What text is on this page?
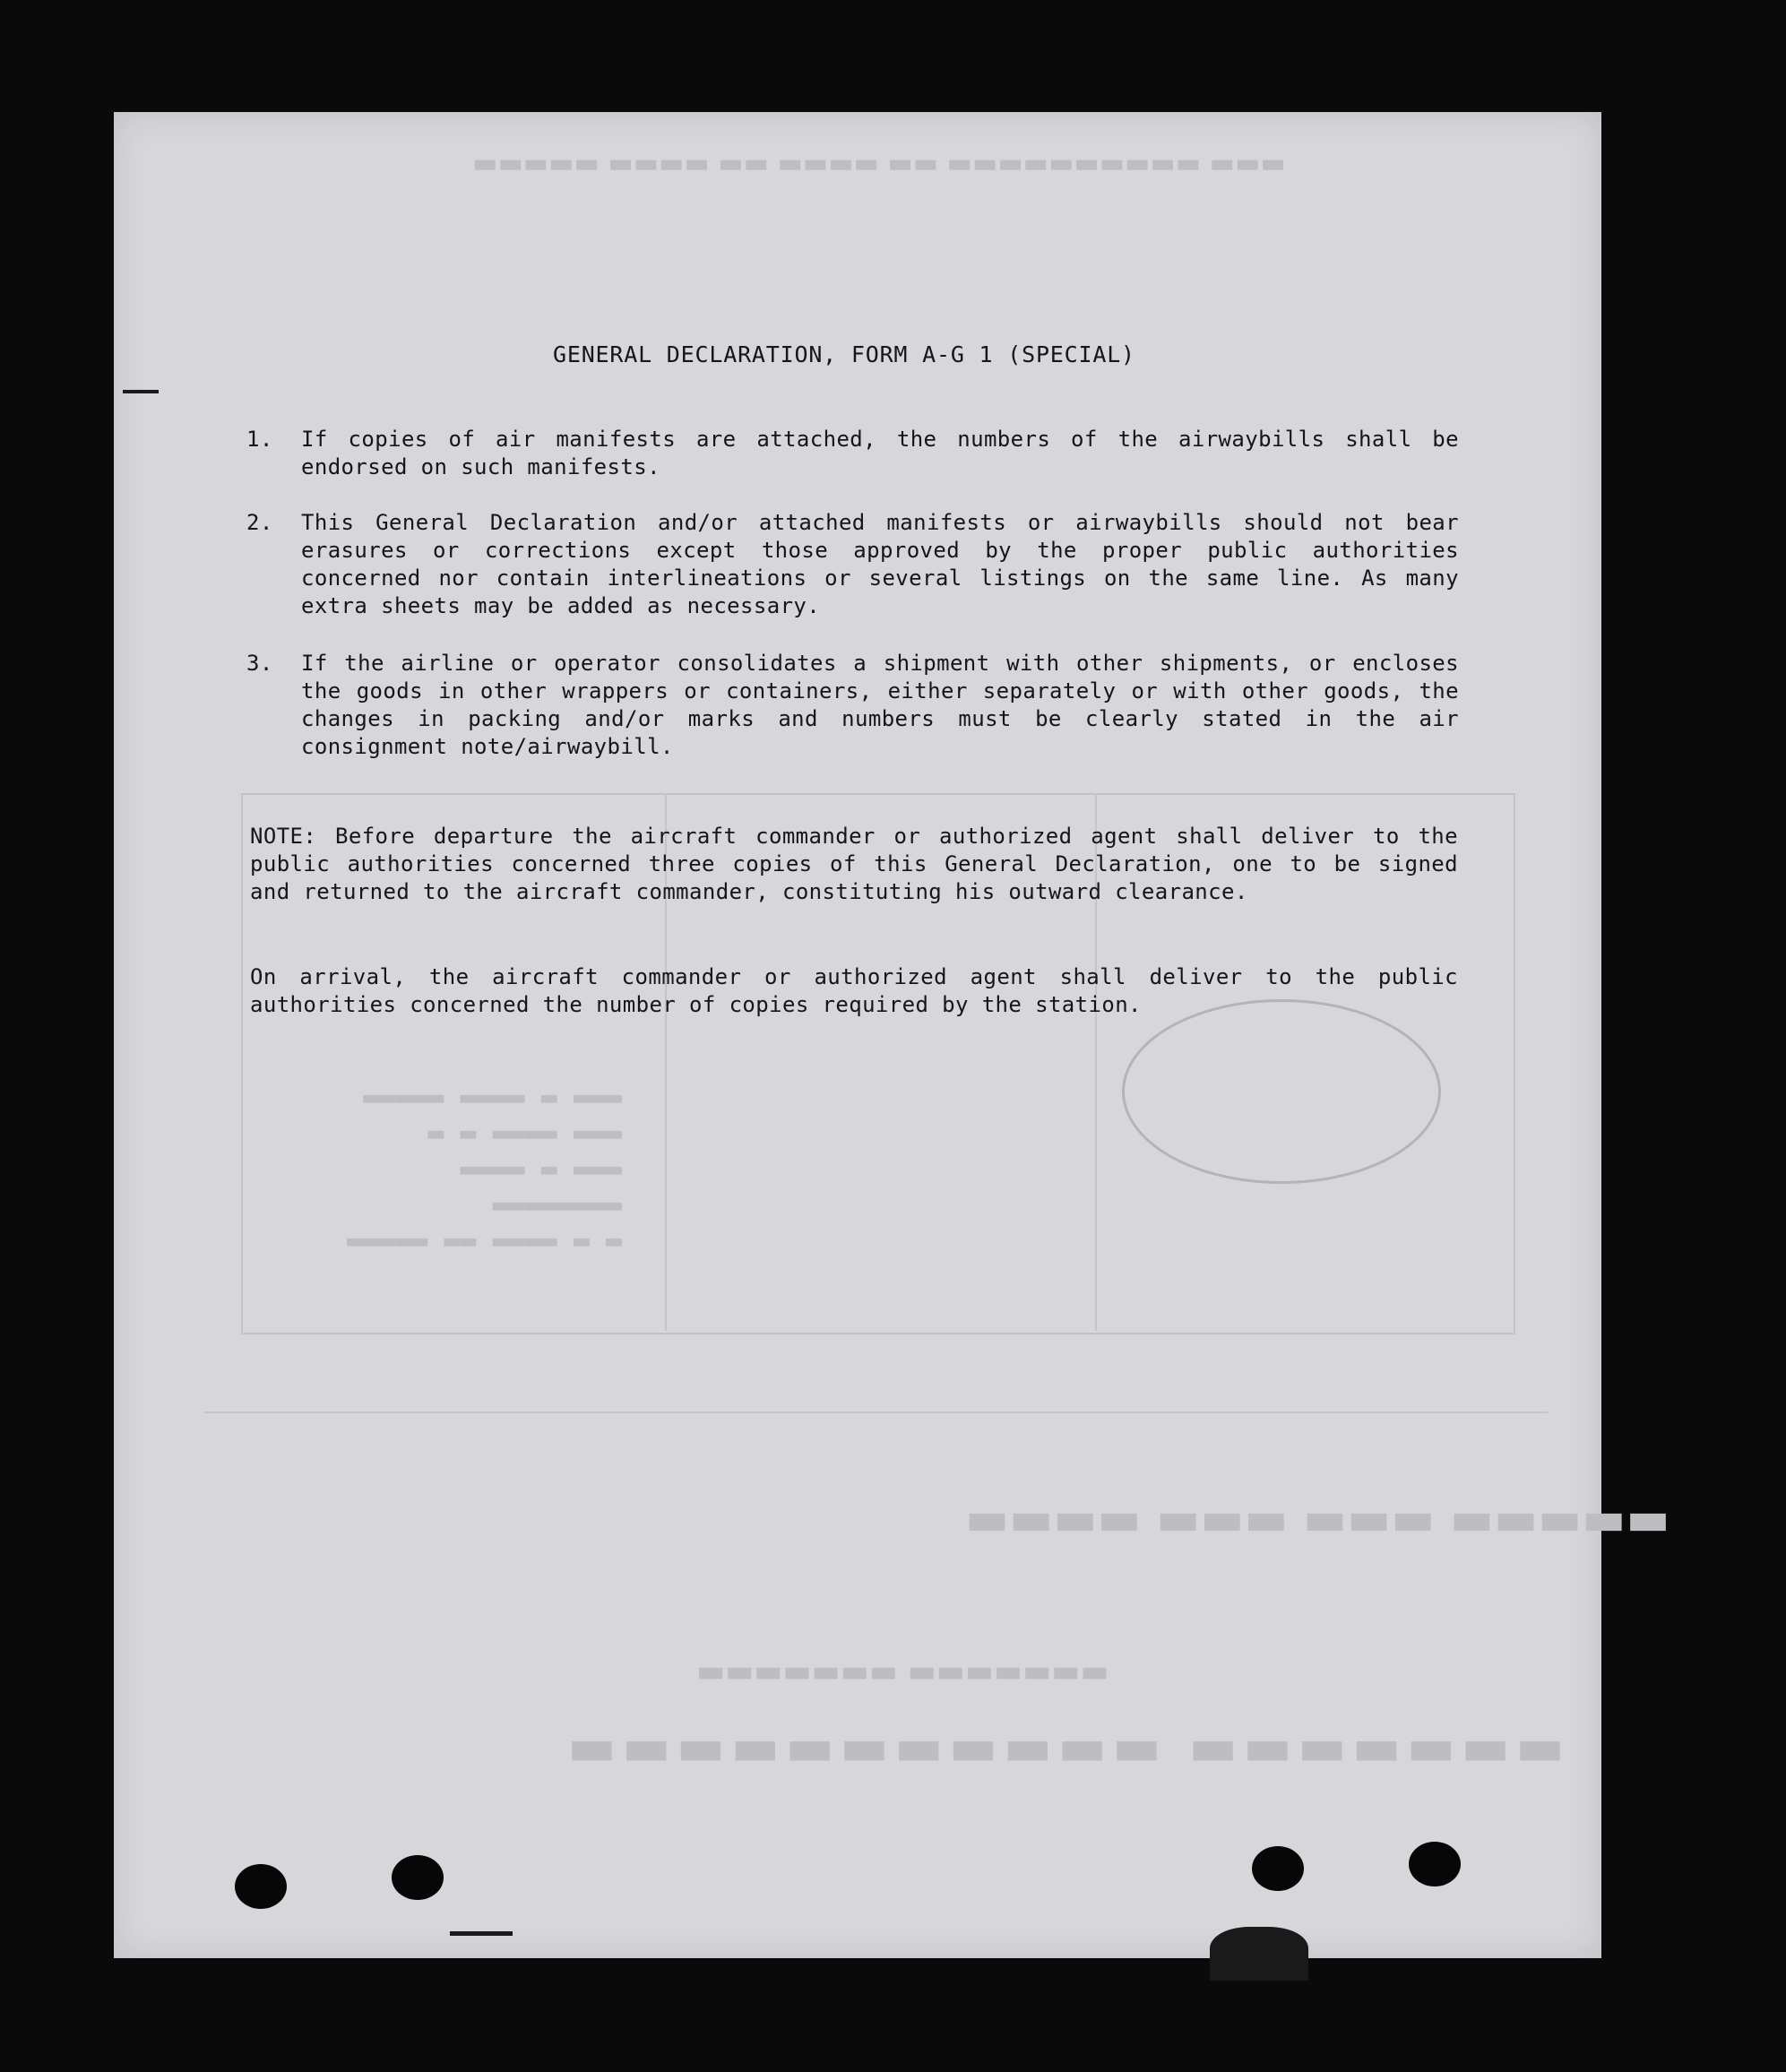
▬▬▬ ▬▬▬▬▬▬▬▬▬▬ ▬▬ ▬▬▬▬ ▬▬ ▬▬▬▬ ▬▬▬▬▬
▬▬▬ ▬ ▬▬▬▬ ▬▬▬▬▬
▬▬▬ ▬▬▬▬ ▬ ▬
▬▬▬ ▬ ▬▬▬▬
▬▬▬▬▬▬▬▬
▬ ▬ ▬▬▬▬ ▬▬ ▬▬▬▬▬
▬▬▬▬▬▬▬ ▬▬▬▬▬▬▬▬▬▬▬
▬▬▬▬▬▬▬ ▬▬▬▬▬▬▬
▬▬▬▬▬ ▬▬▬ ▬▬▬ ▬▬▬▬
GENERAL DECLARATION, FORM A-G 1 (SPECIAL)
1. If copies of air manifests are attached, the numbers of the airwaybills shall be endorsed on such manifests.
2. This General Declaration and/or attached manifests or airwaybills should not bear erasures or corrections except those approved by the proper public authorities concerned nor contain interlineations or several listings on the same line. As many extra sheets may be added as necessary.
3. If the airline or operator consolidates a shipment with other shipments, or encloses the goods in other wrappers or containers, either separately or with other goods, the changes in packing and/or marks and numbers must be clearly stated in the air consignment note/airwaybill.
NOTE: Before departure the aircraft commander or authorized agent shall deliver to the public authorities concerned three copies of this General Declaration, one to be signed and returned to the aircraft commander, constituting his outward clearance.
On arrival, the aircraft commander or authorized agent shall deliver to the public authorities concerned the number of copies required by the station.
